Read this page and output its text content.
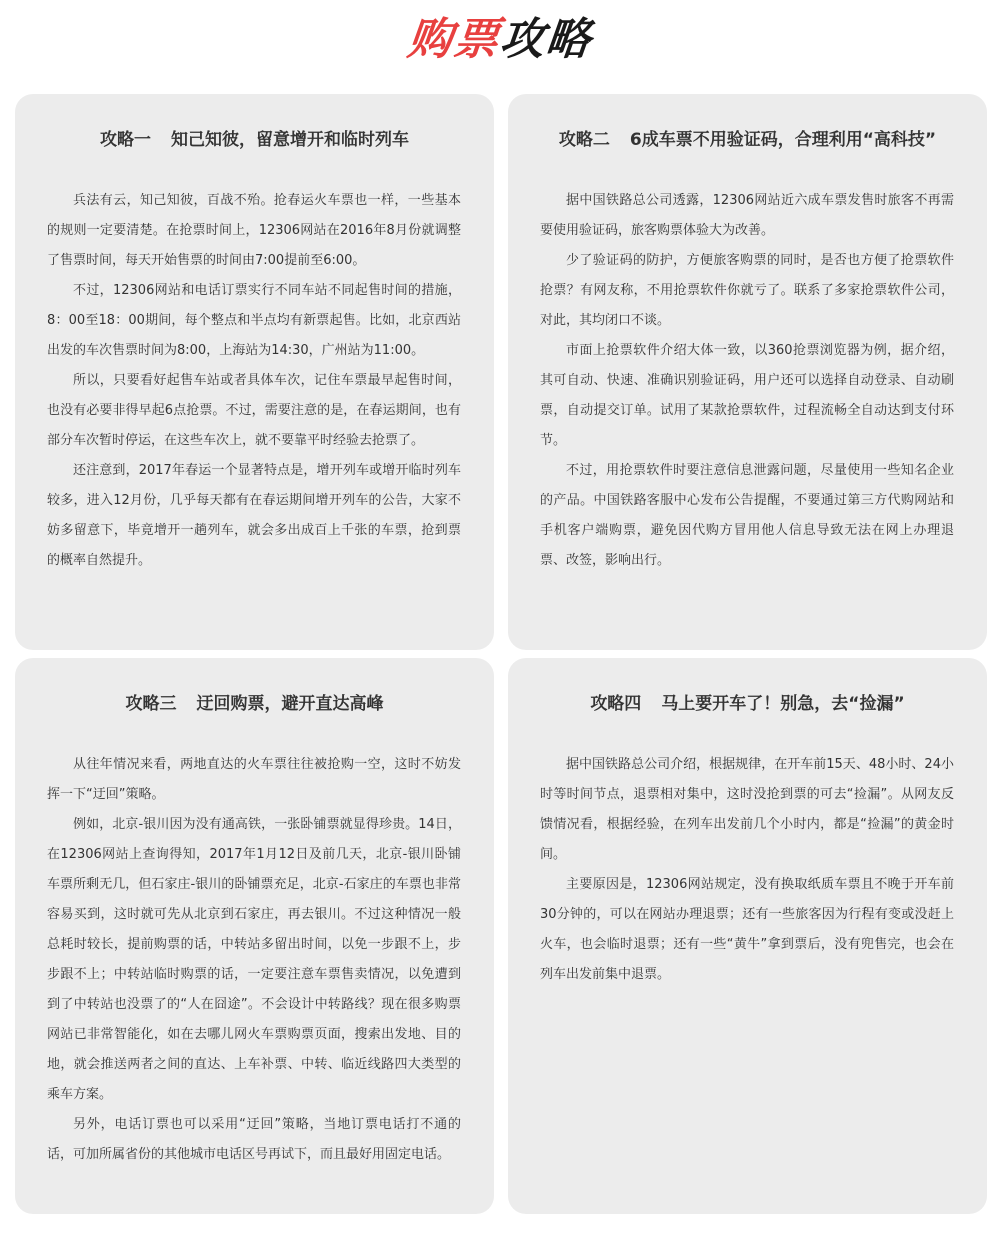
购票攻略
攻略一 知己知彼，留意增开和临时列车

兵法有云，知己知彼，百战不殆。抢春运火车票也一样，一些基本的规则一定要清楚。在抢票时间上，12306网站在2016年8月份就调整了售票时间，每天开始售票的时间由7:00提前至6:00。

不过，12306网站和电话订票实行不同车站不同起售时间的措施，8：00至18：00期间，每个整点和半点均有新票起售。比如，北京西站出发的车次售票时间为8:00，上海站为14:30，广州站为11:00。

所以，只要看好起售车站或者具体车次，记住车票最早起售时间，也没有必要非得早起6点抢票。不过，需要注意的是，在春运期间，也有部分车次暂时停运，在这些车次上，就不要靠平时经验去抢票了。

还注意到，2017年春运一个显著特点是，增开列车或增开临时列车较多，进入12月份，几乎每天都有在春运期间增开列车的公告，大家不妨多留意下，毕竟增开一趟列车，就会多出成百上千张的车票，抢到票的概率自然提升。

攻略二 6成车票不用验证码，合理利用“高科技”

据中国铁路总公司透露，12306网站近六成车票发售时旅客不再需要使用验证码，旅客购票体验大为改善。

少了验证码的防护，方便旅客购票的同时，是否也方便了抢票软件抢票？有网友称，不用抢票软件你就亏了。联系了多家抢票软件公司，对此，其均闭口不谈。

市面上抢票软件介绍大体一致，以360抢票浏览器为例，据介绍，其可自动、快速、准确识别验证码，用户还可以选择自动登录、自动刷票，自动提交订单。试用了某款抢票软件，过程流畅全自动达到支付环节。

不过，用抢票软件时要注意信息泄露问题，尽量使用一些知名企业的产品。中国铁路客服中心发布公告提醒，不要通过第三方代购网站和手机客户端购票，避免因代购方冒用他人信息导致无法在网上办理退票、改签，影响出行。

攻略三 迂回购票，避开直达高峰

从往年情况来看，两地直达的火车票往往被抢购一空，这时不妨发挥一下“迂回”策略。

例如，北京-银川因为没有通高铁，一张卧铺票就显得珍贵。14日，在12306网站上查询得知，2017年1月12日及前几天，北京-银川卧铺车票所剩无几，但石家庄-银川的卧铺票充足，北京-石家庄的车票也非常容易买到，这时就可先从北京到石家庄，再去银川。不过这种情况一般总耗时较长，提前购票的话，中转站多留出时间，以免一步跟不上，步步跟不上；中转站临时购票的话，一定要注意车票售卖情况，以免遭到到了中转站也没票了的“人在囧途”。不会设计中转路线？现在很多购票网站已非常智能化，如在去哪儿网火车票购票页面，搜索出发地、目的地，就会推送两者之间的直达、上车补票、中转、临近线路四大类型的乘车方案。

另外，电话订票也可以采用“迂回”策略，当地订票电话打不通的话，可加所属省份的其他城市电话区号再试下，而且最好用固定电话。

攻略四 马上要开车了！别急，去“捡漏”

据中国铁路总公司介绍，根据规律，在开车前15天、48小时、24小时等时间节点，退票相对集中，这时没抢到票的可去“捡漏”。从网友反馈情况看，根据经验，在列车出发前几个小时内，都是“捡漏”的黄金时间。

主要原因是，12306网站规定，没有换取纸质车票且不晚于开车前30分钟的，可以在网站办理退票；还有一些旅客因为行程有变或没赶上火车，也会临时退票；还有一些“黄牛”拿到票后，没有兜售完，也会在列车出发前集中退票。
